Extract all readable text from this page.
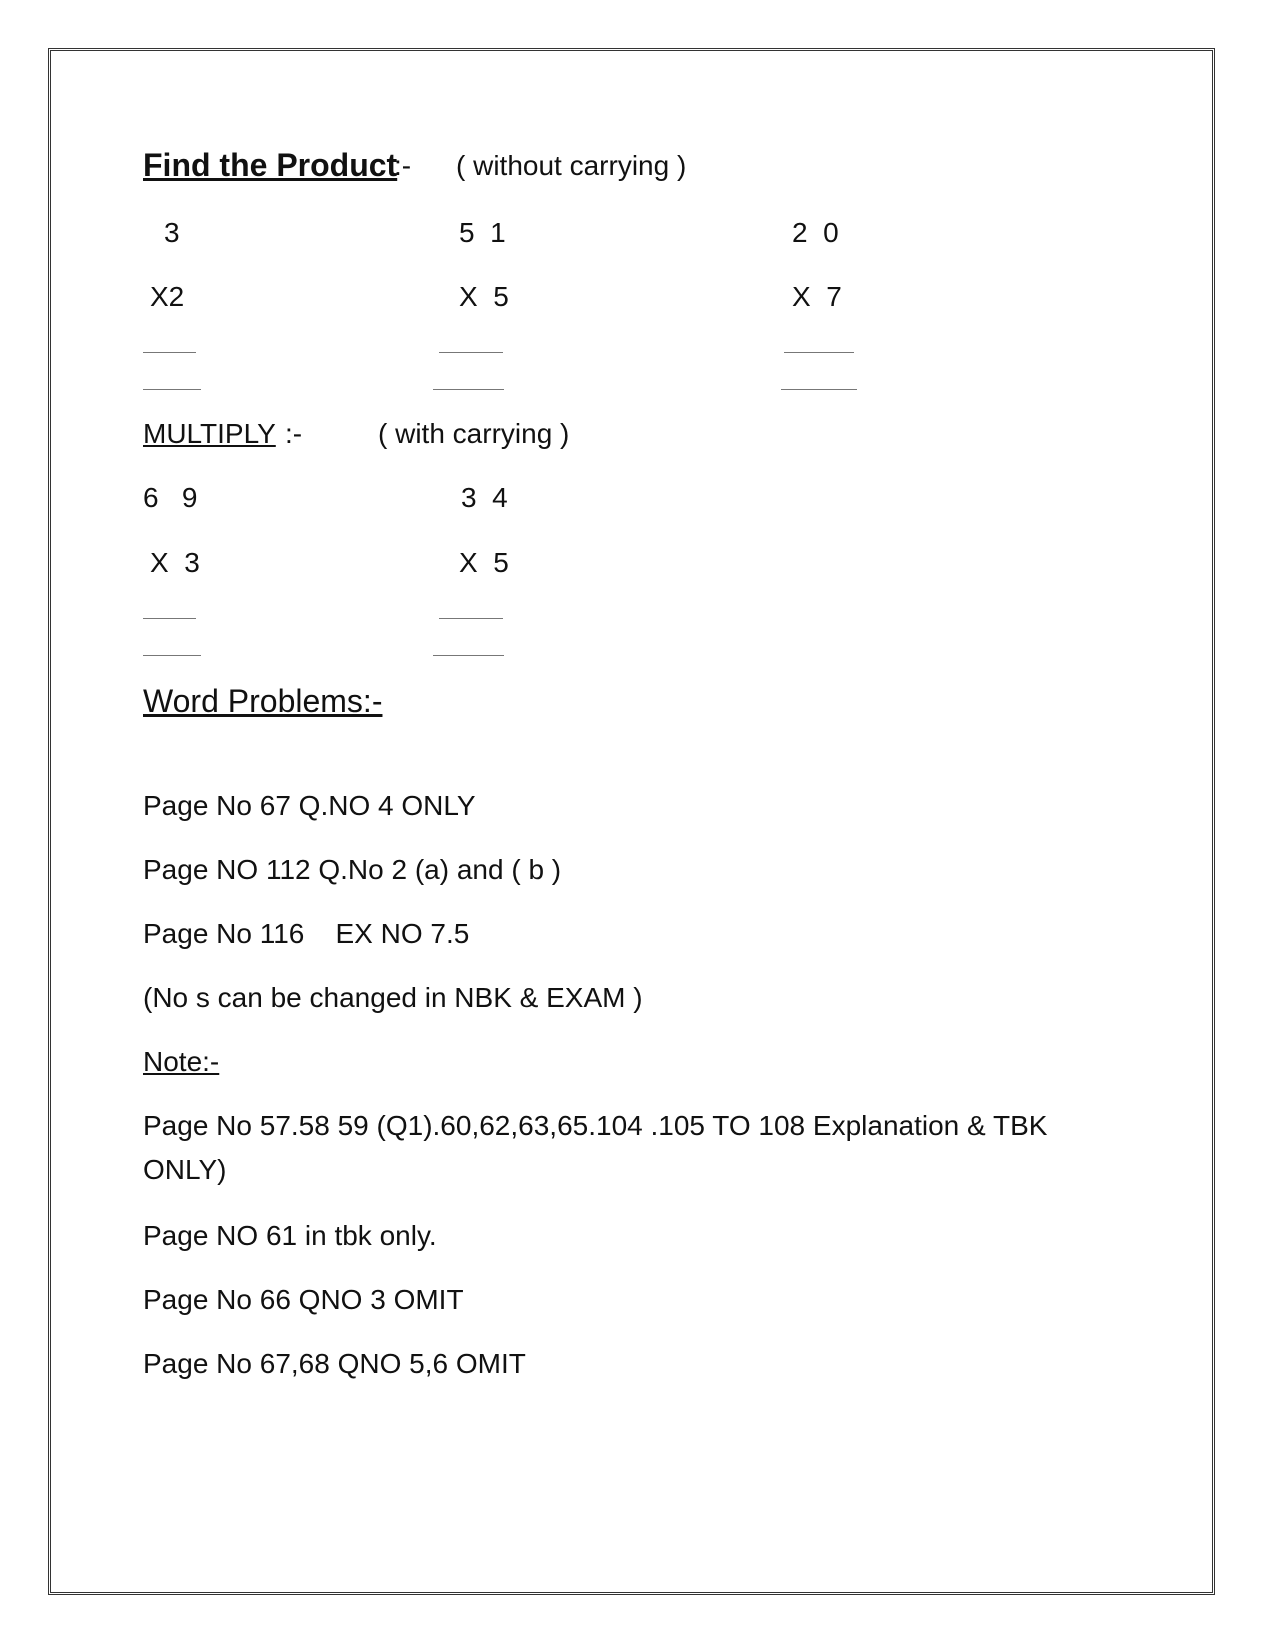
Find the Product
:- ( without carrying )
3
X2
5  1
X  5
2  0
X  7
MULTIPLY :-	( with carrying )
6   9
X  3
3  4
X  5
Word Problems:-
Page No 67 Q.NO 4 ONLY
Page NO 112 Q.No 2 (a) and ( b )
Page No 116    EX NO 7.5
(No s can be changed in NBK & EXAM )
Note:-
Page No 57.58 59 (Q1).60,62,63,65.104 .105 TO 108 Explanation & TBK
ONLY)
Page NO 61 in tbk only.
Page No 66 QNO 3 OMIT
Page No 67,68 QNO 5,6 OMIT
